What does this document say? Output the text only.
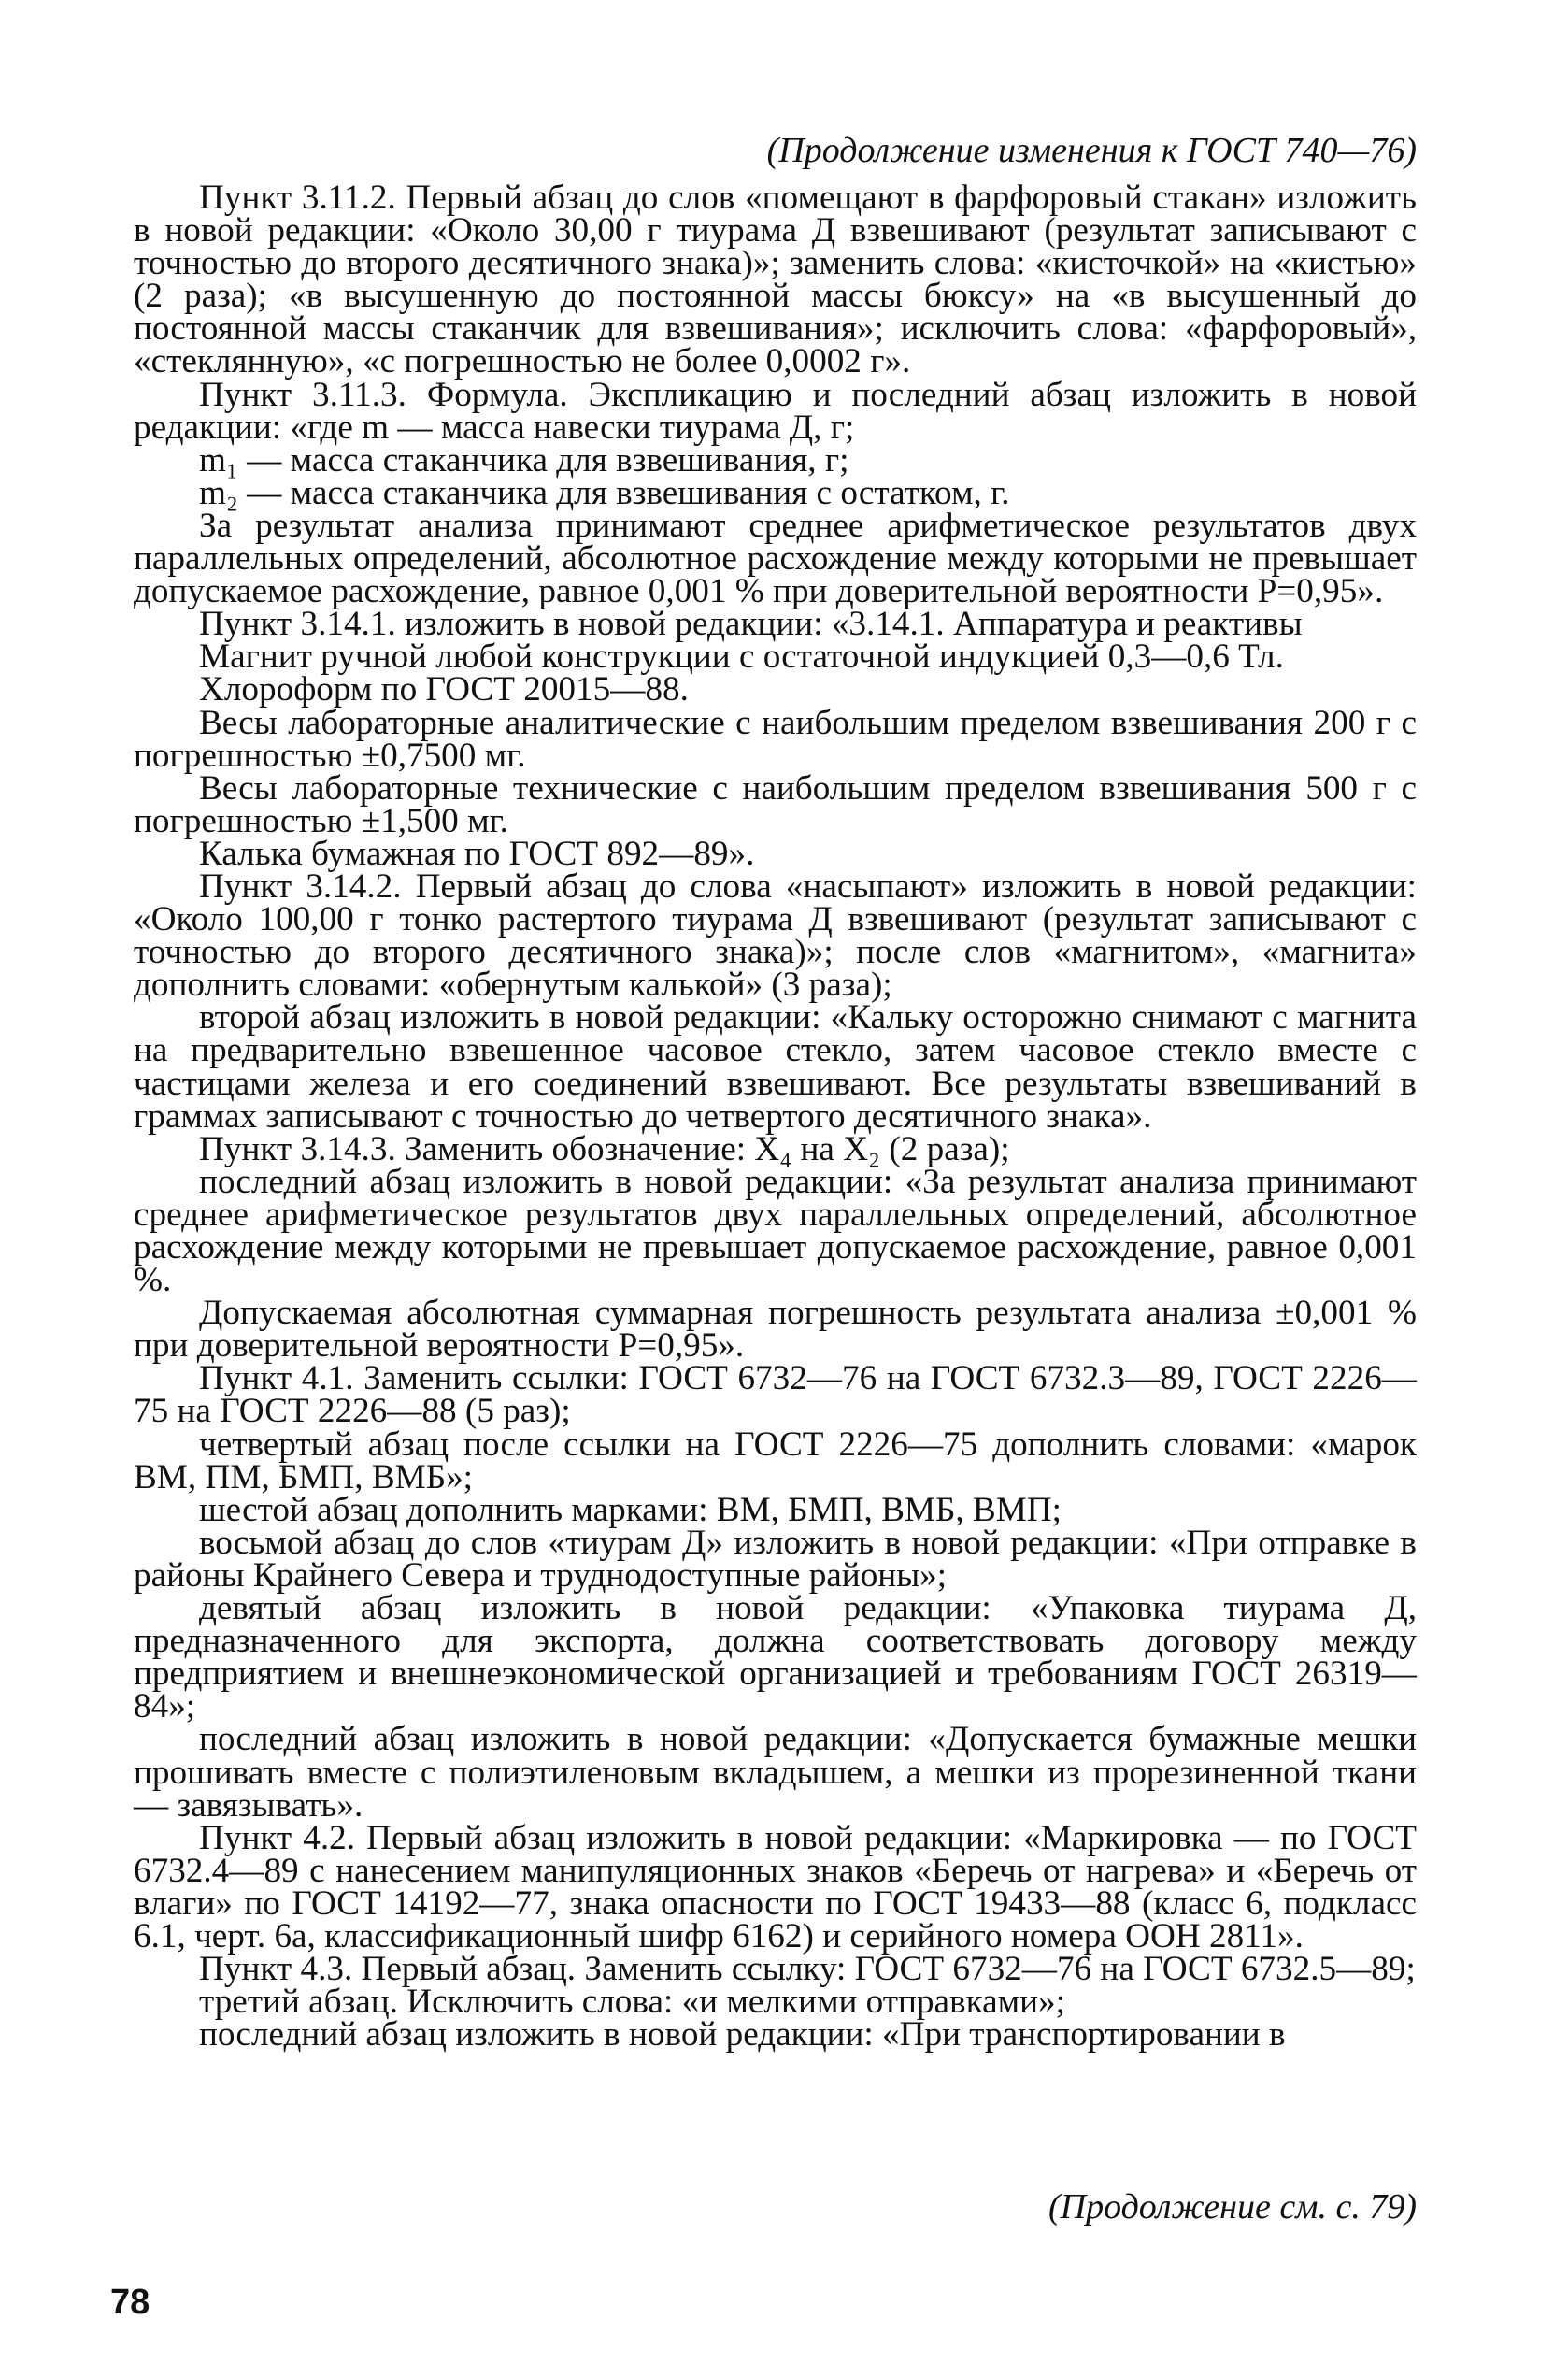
(Продолжение изменения к ГОСТ 740—76)

Пункт 3.11.2. Первый абзац до слов «помещают в фарфоровый стакан» изложить в новой редакции: «Около 30,00 г тиурама Д взвешивают (результат записывают с точностью до второго десятичного знака)»; заменить слова: «кисточкой» на «кистью» (2 раза); «в высушенную до постоянной массы бюксу» на «в высушенный до постоянной массы стаканчик для взвешивания»; исключить слова: «фарфоровый», «стеклянную», «с погрешностью не более 0,0002 г».

Пункт 3.11.3. Формула. Экспликацию и последний абзац изложить в новой редакции: «где m — масса навески тиурама Д, г;

m₁ — масса стаканчика для взвешивания, г;

m₂ — масса стаканчика для взвешивания с остатком, г.

За результат анализа принимают среднее арифметическое результатов двух параллельных определений, абсолютное расхождение между которыми не превышает допускаемое расхождение, равное 0,001 % при доверительной вероятности P=0,95».

Пункт 3.14.1. изложить в новой редакции: «3.14.1. Аппаратура и реактивы

Магнит ручной любой конструкции с остаточной индукцией 0,3—0,6 Тл.

Хлороформ по ГОСТ 20015—88.

Весы лабораторные аналитические с наибольшим пределом взвешивания 200 г с погрешностью ±0,7500 мг.

Весы лабораторные технические с наибольшим пределом взвешивания 500 г с погрешностью ±1,500 мг.

Калька бумажная по ГОСТ 892—89».

Пункт 3.14.2. Первый абзац до слова «насыпают» изложить в новой редакции: «Около 100,00 г тонко растертого тиурама Д взвешивают (результат записывают с точностью до второго десятичного знака)»; после слов «магнитом», «магнита» дополнить словами: «обернутым калькой» (3 раза);

второй абзац изложить в новой редакции: «Кальку осторожно снимают с магнита на предварительно взвешенное часовое стекло, затем часовое стекло вместе с частицами железа и его соединений взвешивают. Все результаты взвешиваний в граммах записывают с точностью до четвертого десятичного знака».

Пункт 3.14.3. Заменить обозначение: X₄ на X₂ (2 раза);

последний абзац изложить в новой редакции: «За результат анализа принимают среднее арифметическое результатов двух параллельных определений, абсолютное расхождение между которыми не превышает допускаемое расхождение, равное 0,001 %.

Допускаемая абсолютная суммарная погрешность результата анализа ±0,001 % при доверительной вероятности P=0,95».

Пункт 4.1. Заменить ссылки: ГОСТ 6732—76 на ГОСТ 6732.3—89, ГОСТ 2226—75 на ГОСТ 2226—88 (5 раз);

четвертый абзац после ссылки на ГОСТ 2226—75 дополнить словами: «марок ВМ, ПМ, БМП, ВМБ»;

шестой абзац дополнить марками: ВМ, БМП, ВМБ, ВМП;

восьмой абзац до слов «тиурам Д» изложить в новой редакции: «При отправке в районы Крайнего Севера и труднодоступные районы»;

девятый абзац изложить в новой редакции: «Упаковка тиурама Д, предназначенного для экспорта, должна соответствовать договору между предприятием и внешнеэкономической организацией и требованиям ГОСТ 26319—84»;

последний абзац изложить в новой редакции: «Допускается бумажные мешки прошивать вместе с полиэтиленовым вкладышем, а мешки из прорезиненной ткани — завязывать».

Пункт 4.2. Первый абзац изложить в новой редакции: «Маркировка — по ГОСТ 6732.4—89 с нанесением манипуляционных знаков «Беречь от нагрева» и «Беречь от влаги» по ГОСТ 14192—77, знака опасности по ГОСТ 19433—88 (класс 6, подкласс 6.1, черт. 6а, классификационный шифр 6162) и серийного номера ООН 2811».

Пункт 4.3. Первый абзац. Заменить ссылку: ГОСТ 6732—76 на ГОСТ 6732.5—89;

третий абзац. Исключить слова: «и мелкими отправками»;

последний абзац изложить в новой редакции: «При транспортировании в

(Продолжение см. с. 79)
78
